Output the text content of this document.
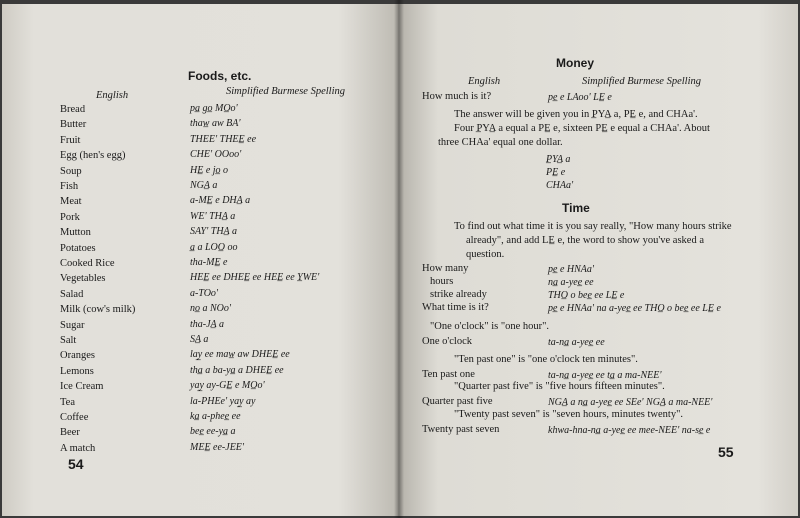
Foods, etc.
English	Simplified Burmese Spelling
Bread	pa̲ go̲ MO̲o'
Butter	thaw̲ aw BA'
Fruit	THEE' THEE̲ ee
Egg (hen's egg)	CHE' OOoo'
Soup	HE̲ e jo̲ o
Fish	NGA̲ a
Meat	a-ME̲ e DHA̲ a
Pork	WE' THA̲ a
Mutton	SAY' THA̲ a
Potatoes	a̲ a LOO̲ oo
Cooked Rice	tha-ME̲ e
Vegetables	HEE̲ ee DHEE̲ ee HEE̲ ee Y̲WE'
Salad	a-TOo'
Milk (cow's milk)	no̲ a NOo'
Sugar	tha-JA̲ a
Salt	SA̲ a
Oranges	lay̲ ee maw̲ aw DHEE̲ ee
Lemons	tha̲ a ba-ya̲ a DHEE̲ ee
Ice Cream	yay̲ ay-GE̲ e MO̲o'
Tea	la-PHEe' yay̲ ay
Coffee	ka̲ a-phee̲ ee
Beer	bee̲ ee-ya̲ a
A match	MEE̲ ee-JEE'
54
Money
English	Simplified Burmese Spelling
How much is it?	pe̲ e LAoo' LE̲ e
The answer will be given you in P̲YA̲ a, PE̲ e, and CHAa'.
Four P̲YA̲ a equal a PE̲ e, sixteen PE̲ e equal a CHAa'. About
three CHAa' equal one dollar.
P̲YA̲ a
PE̲ e
CHAa'
Time
To find out what time it is you say really, "How many hours strike
already", and add LE̲ e, the word to show you've asked a
question.
How many	pe̲ e HNAa'
hours	na̲ a-yee̲ ee
strike already	THO̲ o bee̲ ee LE̲ e
What time is it?	pe̲ e HNAa' na a-yee̲ ee THO̲ o bee̲ ee LE̲ e
"One o'clock" is "one hour".
One o'clock	ta-na̲ a-yee̲ ee
"Ten past one" is "one o'clock ten minutes".
Ten past one	ta-na̲ a-yee̲ ee ta̲ a ma-NEE'
"Quarter past five" is "five hours fifteen minutes".
Quarter past five	NGA̲ a na̲ a-yee̲ ee SEe' NGA̲ a ma-NEE'
"Twenty past seven" is "seven hours, minutes twenty".
Twenty past seven	khwa-hna-na̲ a-yee̲ ee mee-NEE' na-se̲ e
55
